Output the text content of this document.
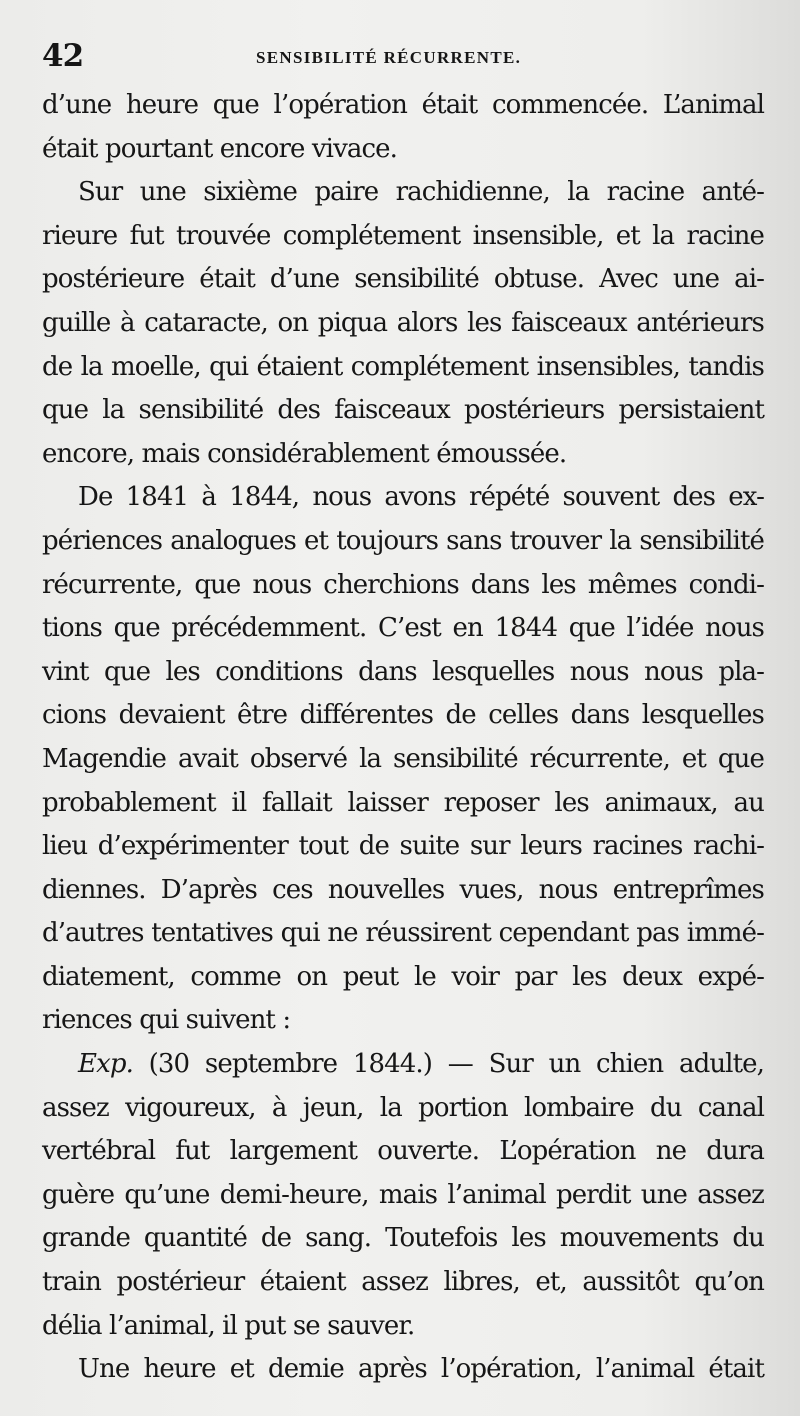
42	SENSIBILITÉ RÉCURRENTE.
d’une heure que l’opération était commencée. L’animal
était pourtant encore vivace.
Sur une sixième paire rachidienne, la racine anté-
rieure fut trouvée complétement insensible, et la racine
postérieure était d’une sensibilité obtuse. Avec une ai-
guille à cataracte, on piqua alors les faisceaux antérieurs
de la moelle, qui étaient complétement insensibles, tandis
que la sensibilité des faisceaux postérieurs persistaient
encore, mais considérablement émoussée.
De 1841 à 1844, nous avons répété souvent des ex-
périences analogues et toujours sans trouver la sensibilité
récurrente, que nous cherchions dans les mêmes condi-
tions que précédemment. C’est en 1844 que l’idée nous
vint que les conditions dans lesquelles nous nous pla-
cions devaient être différentes de celles dans lesquelles
Magendie avait observé la sensibilité récurrente, et que
probablement il fallait laisser reposer les animaux, au
lieu d’expérimenter tout de suite sur leurs racines rachi-
diennes. D’après ces nouvelles vues, nous entreprîmes
d’autres tentatives qui ne réussirent cependant pas immé-
diatement, comme on peut le voir par les deux expé-
riences qui suivent :
Exp. (30 septembre 1844.) — Sur un chien adulte,
assez vigoureux, à jeun, la portion lombaire du canal
vertébral fut largement ouverte. L’opération ne dura
guère qu’une demi-heure, mais l’animal perdit une assez
grande quantité de sang. Toutefois les mouvements du
train postérieur étaient assez libres, et, aussitôt qu’on
délia l’animal, il put se sauver.
Une heure et demie après l’opération, l’animal était
